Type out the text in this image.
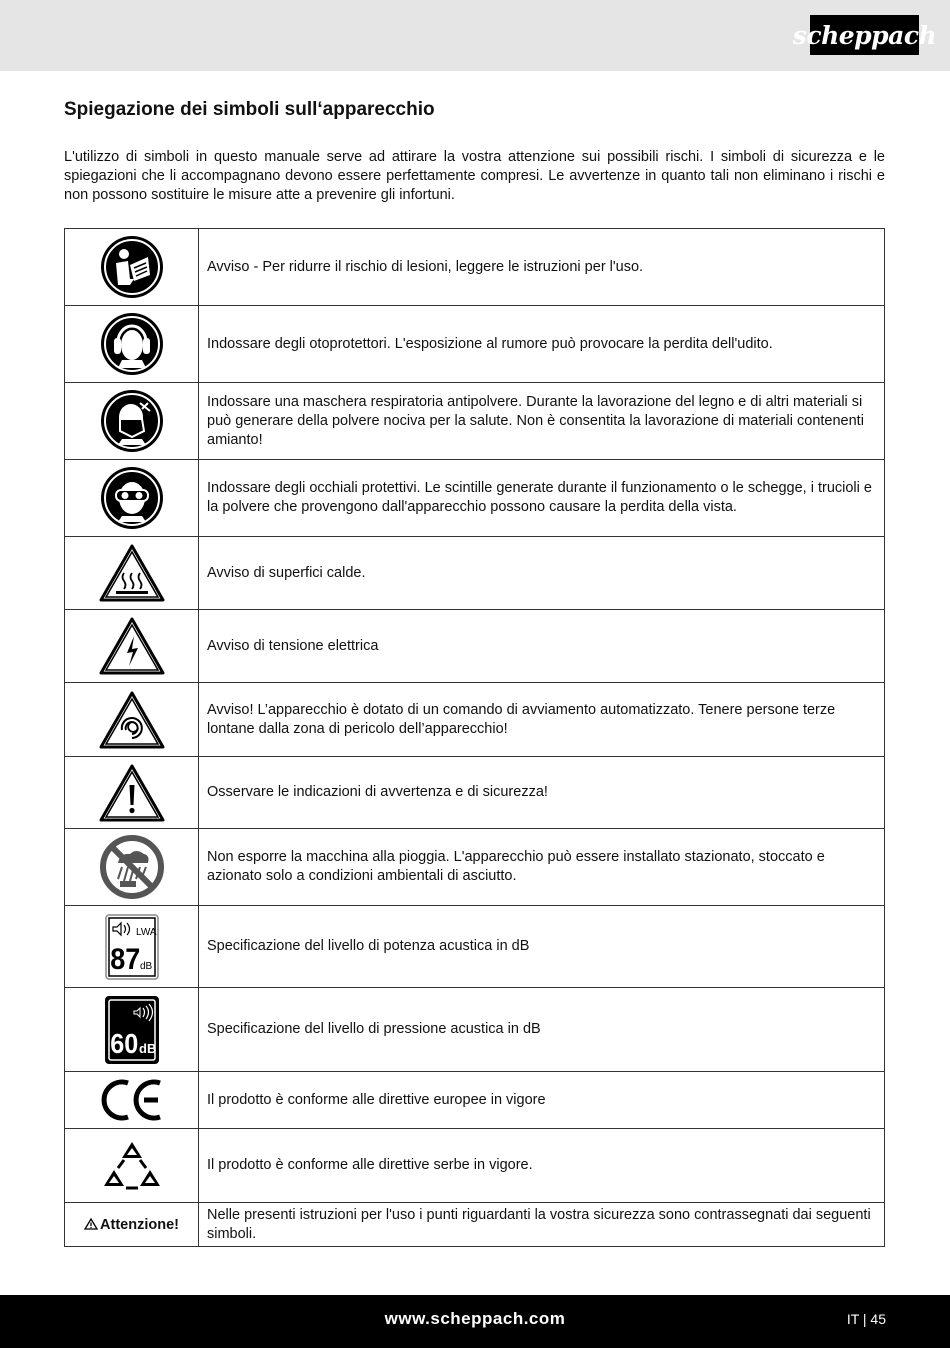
scheppach
Spiegazione dei simboli sull‘apparecchio

L'utilizzo di simboli in questo manuale serve ad attirare la vostra attenzione sui possibili rischi. I simboli di sicurezza e le spiegazioni che li accompagnano devono essere perfettamente compresi. Le avvertenze in quanto tali non eliminano i rischi e non possono sostituire le misure atte a prevenire gli infortuni.

	Avviso - Per ridurre il rischio di lesioni, leggere le istruzioni per l'uso.

	Indossare degli otoprotettori. L'esposizione al rumore può provocare la perdita dell'udito.

	Indossare una maschera respiratoria antipolvere. Durante la lavorazione del legno e di altri materiali si può generare della polvere nociva per la salute. Non è consentita la lavorazione di materiali contenenti amianto!

	Indossare degli occhiali protettivi. Le scintille generate durante il funzionamento o le schegge, i trucioli e la polvere che provengono dall'apparecchio possono causare la perdita della vista.

	Avviso di superfici calde.

	Avviso di tensione elettrica

	Avviso! L’apparecchio è dotato di un comando di avviamento automatizzato. Tenere persone terze lontane dalla zona di pericolo dell’apparecchio!

	Osservare le indicazioni di avvertenza e di sicurezza!

	Non esporre la macchina alla pioggia. L'apparecchio può essere installato stazionato, stoccato e azionato solo a condizioni ambientali di asciutto.

LWA
87 dB	Specificazione del livello di potenza acustica in dB

60 dB	Specificazione del livello di pressione acustica in dB

	Il prodotto è conforme alle direttive europee in vigore

	Il prodotto è conforme alle direttive serbe in vigore.
Attenzione!	Nelle presenti istruzioni per l'uso i punti riguardanti la vostra sicurezza sono contrassegnati dai seguenti simboli.
www.scheppach.com	IT | 45
